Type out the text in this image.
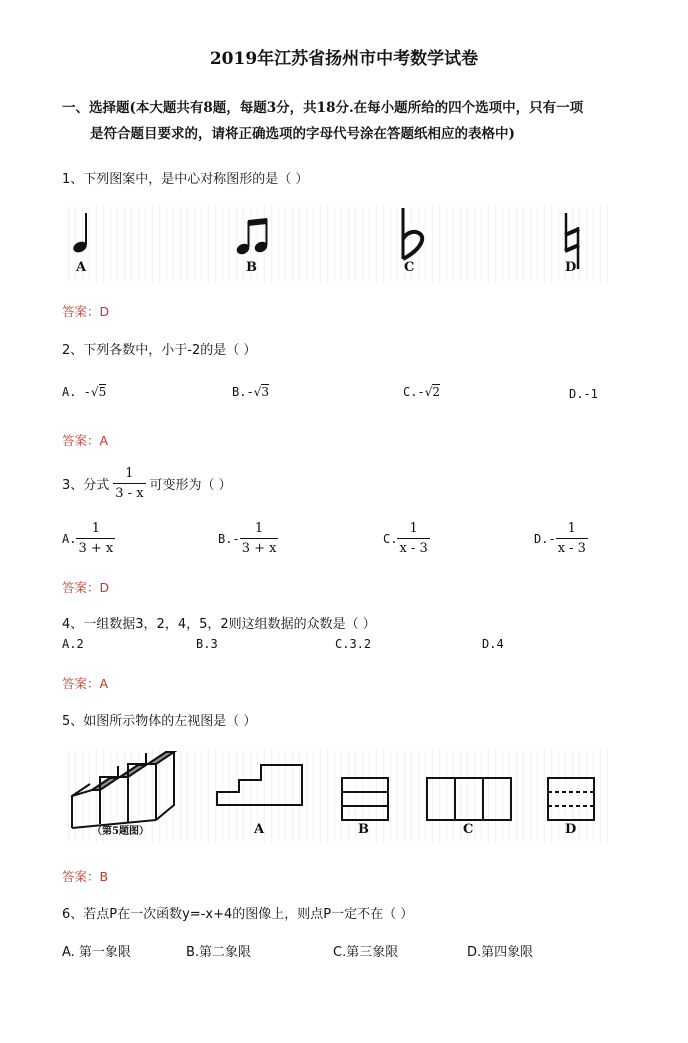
2019年江苏省扬州市中考数学试卷
一、选择题(本大题共有8题，每题3分，共18分.在每小题所给的四个选项中，只有一项
是符合题目要求的，请将正确选项的字母代号涂在答题纸相应的表格中)
1、下列图案中，是中心对称图形的是（ ）
A	B	C	D
答案：D
2、下列各数中，小于-2的是（ ）
A. -√5	B.-√3	C.-√2	D.-1
答案：A
3、分式 $\frac{1}{3 - x}$ 可变形为（ ）
A. $\frac{1}{3 + x}$	$B.- \frac{1}{3 + x}$	C. $\frac{1}{x - 3}$	$D.- \frac{1}{x - 3}$
答案：D
4、一组数据3，2，4，5，2则这组数据的众数是（ ）
A.2	B.3	C.3.2	D.4
答案：A
5、如图所示物体的左视图是（ ）
（第5题图）	A	B	C	D
答案：B
6、若点P在一次函数y=-x+4的图像上，则点P一定不在（ ）
A. 第一象限	B.第二象限	C.第三象限	D.第四象限
